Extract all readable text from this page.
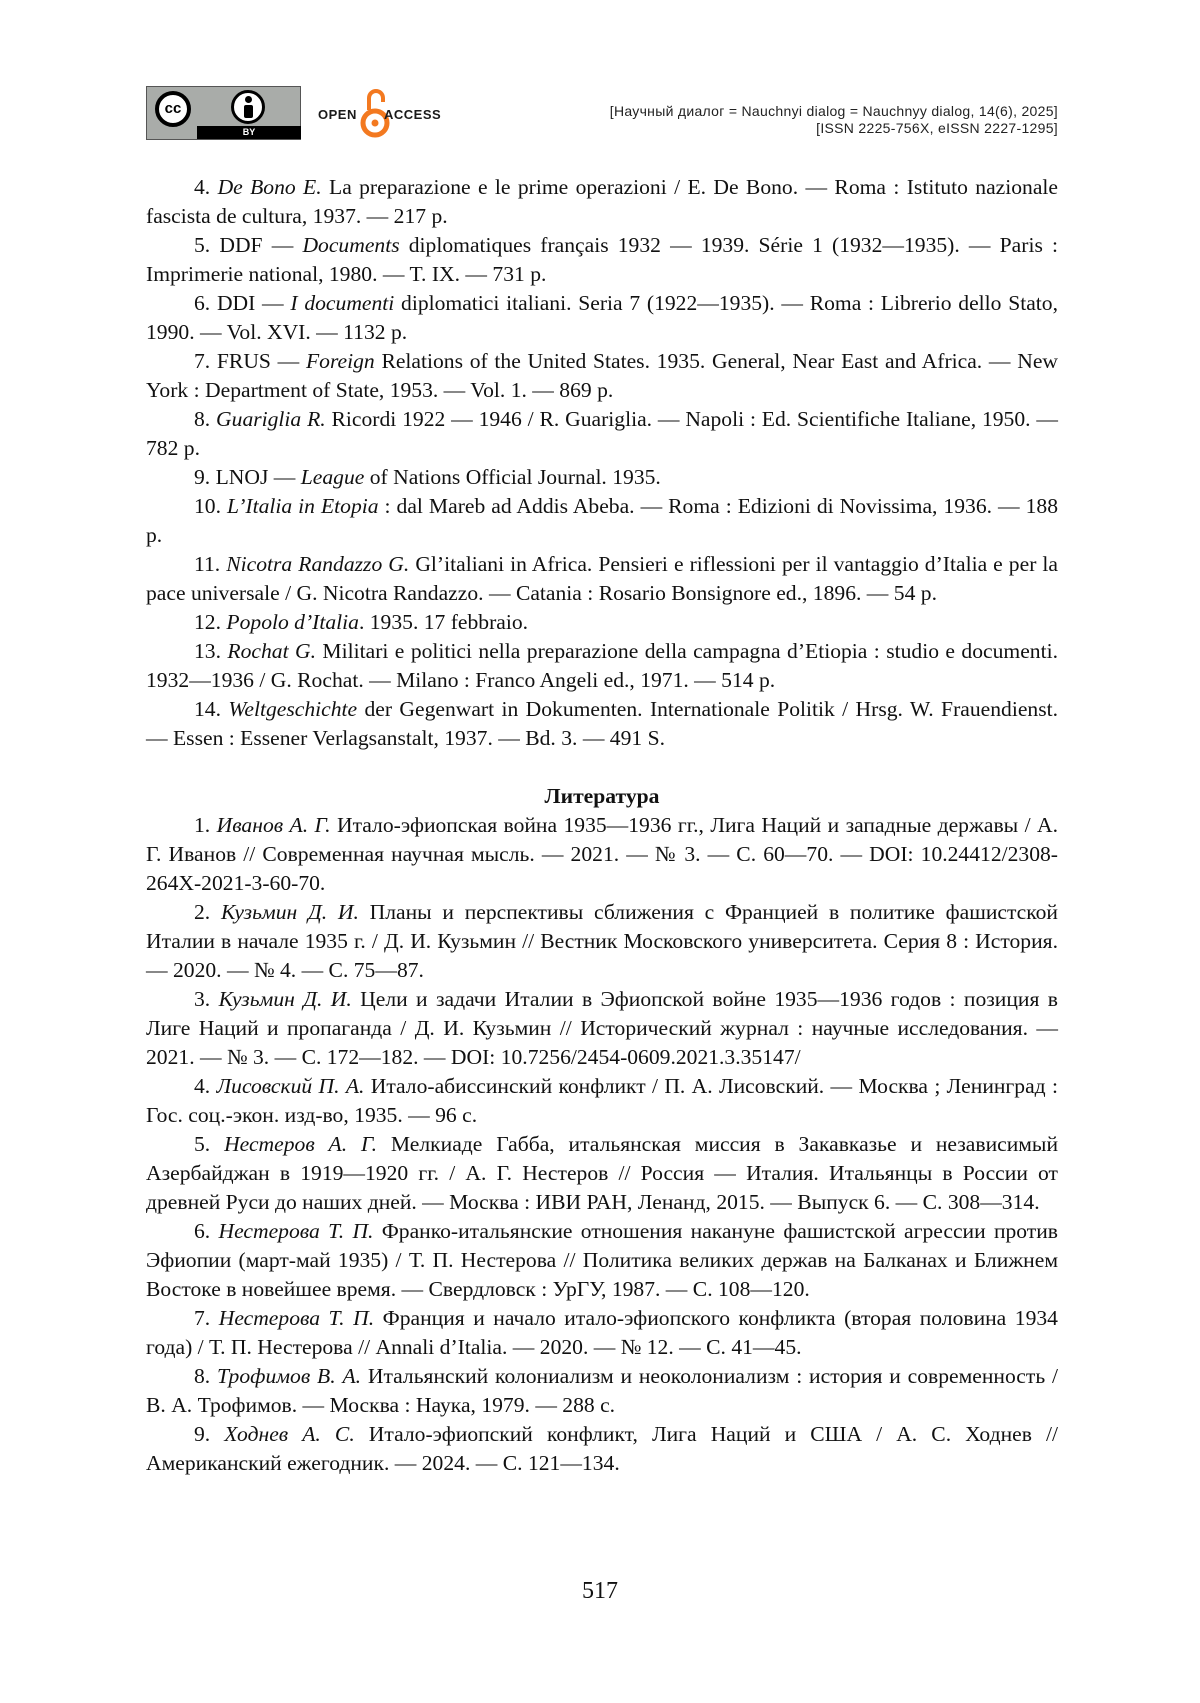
cc
BY
OPEN ACCESS	[Научный диалог = Nauchnyi dialog = Nauchnyy dialog, 14(6), 2025]
[ISSN 2225-756X, eISSN 2227-1295]

4. De Bono E. La preparazione e le prime operazioni / E. De Bono. — Roma : Istituto nazionale fascista de cultura, 1937. — 217 p.

5. DDF — Documents diplomatiques français 1932 — 1939. Série 1 (1932—1935). — Paris : Imprimerie national, 1980. — T. IX. — 731 p.

6. DDI — I documenti diplomatici italiani. Seria 7 (1922—1935). — Roma : Librerio dello Stato, 1990. — Vol. XVI. — 1132 p.

7. FRUS — Foreign Relations of the United States. 1935. General, Near East and Africa. — New York : Department of State, 1953. — Vol. 1. — 869 p.

8. Guariglia R. Ricordi 1922 — 1946 / R. Guariglia. — Napoli : Ed. Scientifiche Italiane, 1950. — 782 p.

9. LNOJ — League of Nations Official Journal. 1935.

10. L’Italia in Etopia : dal Mareb ad Addis Abeba. — Roma : Edizioni di Novissima, 1936. — 188 p.

11. Nicotra Randazzo G. Gl’italiani in Africa. Pensieri e riflessioni per il vantaggio d’Italia e per la pace universale / G. Nicotra Randazzo. — Catania : Rosario Bonsignore ed., 1896. — 54 p.

12. Popolo d’Italia. 1935. 17 febbraio.

13. Rochat G. Militari e politici nella preparazione della campagna d’Etiopia : studio e documenti. 1932—1936 / G. Rochat. — Milano : Franco Angeli ed., 1971. — 514 p.

14. Weltgeschichte der Gegenwart in Dokumenten. Internationale Politik / Hrsg. W. Frauendienst. — Essen : Essener Verlagsanstalt, 1937. — Bd. 3. — 491 S.

Литература

1. Иванов А. Г. Итало-эфиопская война 1935—1936 гг., Лига Наций и западные державы / А. Г. Иванов // Современная научная мысль. — 2021. — № 3. — С. 60—70. — DOI: 10.24412/2308-264X-2021-3-60-70.

2. Кузьмин Д. И. Планы и перспективы сближения с Францией в политике фашистской Италии в начале 1935 г. / Д. И. Кузьмин // Вестник Московского университета. Серия 8 : История. — 2020. — № 4. — С. 75—87.

3. Кузьмин Д. И. Цели и задачи Италии в Эфиопской войне 1935—1936 годов : позиция в Лиге Наций и пропаганда / Д. И. Кузьмин // Исторический журнал : научные исследования. — 2021. — № 3. — С. 172—182. — DOI: 10.7256/2454-0609.2021.3.35147/

4. Лисовский П. А. Итало-абиссинский конфликт / П. А. Лисовский. — Москва ; Ленинград : Гос. соц.-экон. изд-во, 1935. — 96 с.

5. Нестеров А. Г. Мелкиаде Габба, итальянская миссия в Закавказье и независимый Азербайджан в 1919—1920 гг. / А. Г. Нестеров // Россия — Италия. Итальянцы в России от древней Руси до наших дней. — Москва : ИВИ РАН, Ленанд, 2015. — Выпуск 6. — С. 308—314.

6. Нестерова Т. П. Франко-итальянские отношения накануне фашистской агрессии против Эфиопии (март-май 1935) / Т. П. Нестерова // Политика великих держав на Балканах и Ближнем Востоке в новейшее время. — Свердловск : УрГУ, 1987. — С. 108—120.

7. Нестерова Т. П. Франция и начало итало-эфиопского конфликта (вторая половина 1934 года) / Т. П. Нестерова // Annali d’Italia. — 2020. — № 12. — С. 41—45.

8. Трофимов В. А. Итальянский колониализм и неоколониализм : история и современность / В. А. Трофимов. — Москва : Наука, 1979. — 288 с.

9. Ходнев А. С. Итало-эфиопский конфликт, Лига Наций и США / А. С. Ходнев // Американский ежегодник. — 2024. — С. 121—134.

517
